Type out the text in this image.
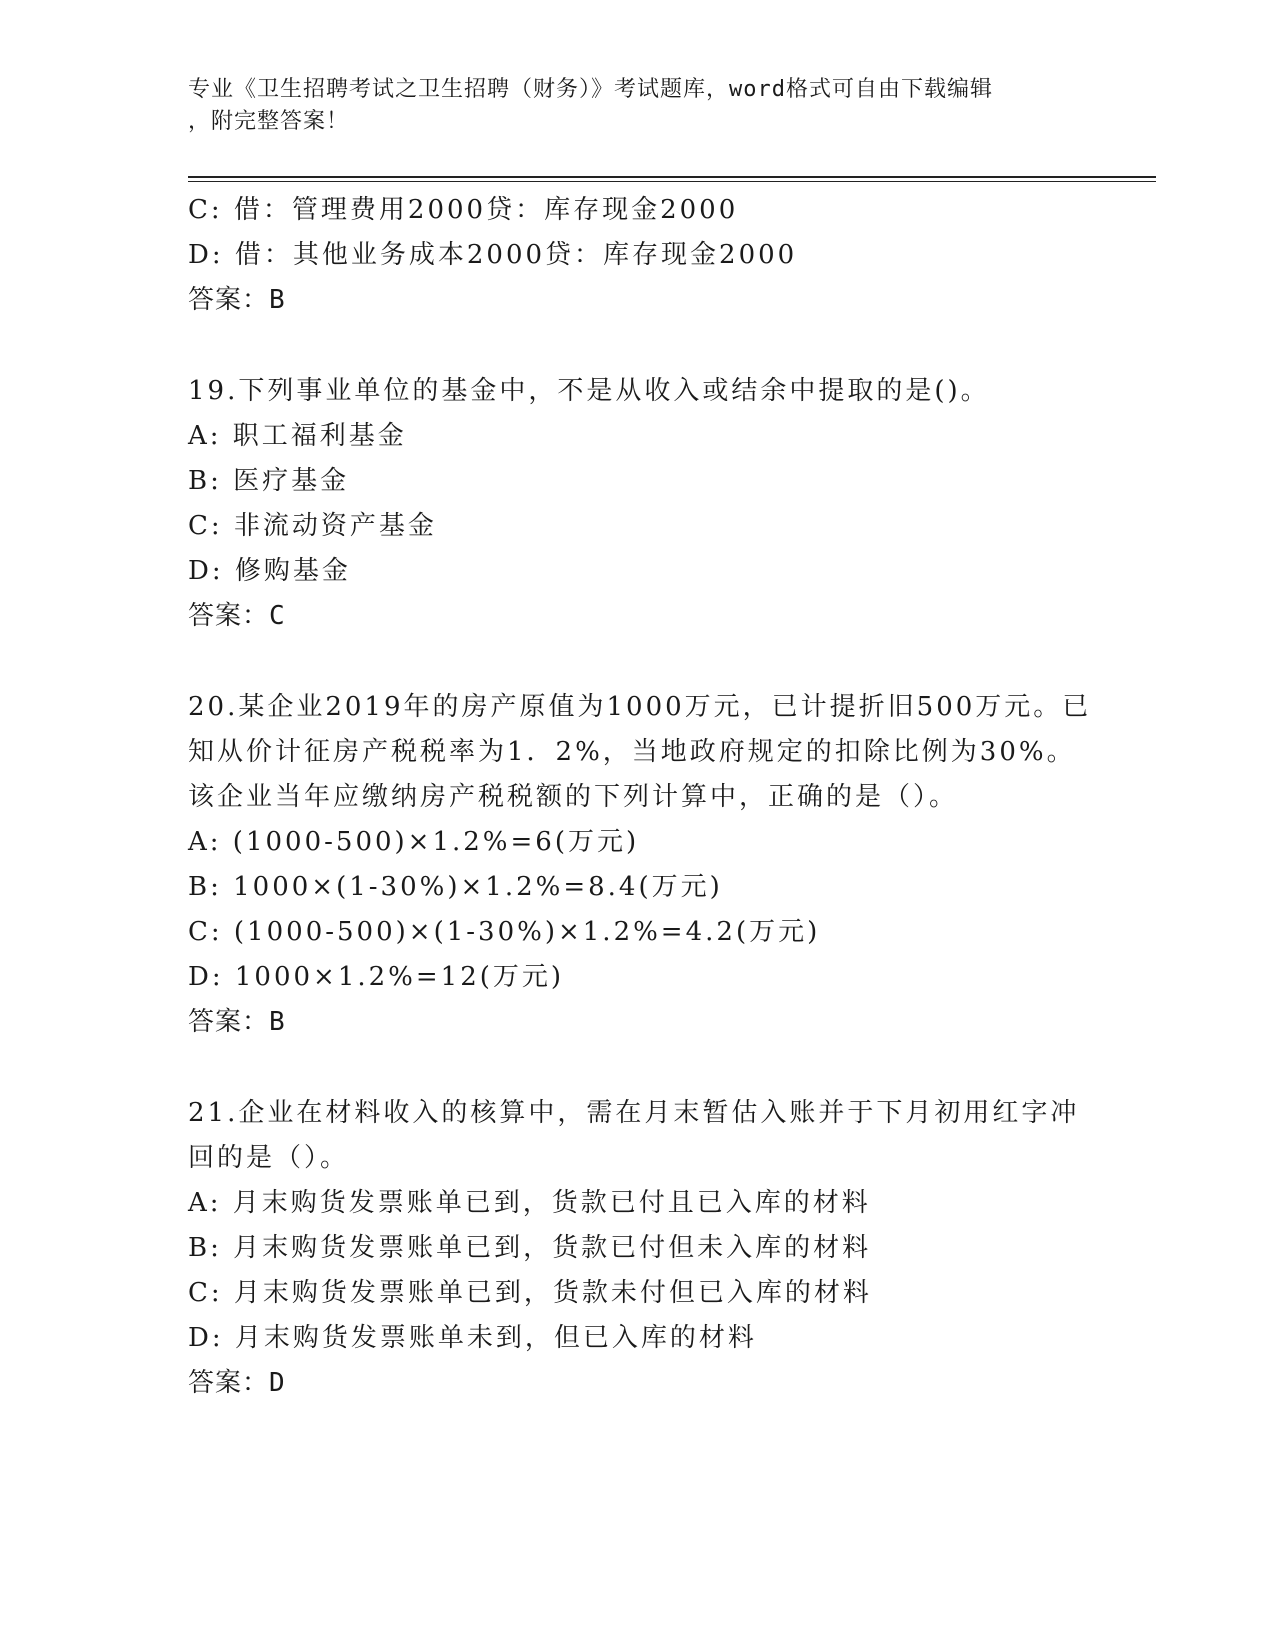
专业《卫生招聘考试之卫生招聘（财务）》考试题库，word格式可自由下载编辑
，附完整答案！
C: 借：管理费用2000贷：库存现金2000
D: 借：其他业务成本2000贷：库存现金2000
答案：B
19.下列事业单位的基金中，不是从收入或结余中提取的是()。
A: 职工福利基金
B: 医疗基金
C: 非流动资产基金
D: 修购基金
答案：C
20.某企业2019年的房产原值为1000万元，已计提折旧500万元。已
知从价计征房产税税率为1．2%，当地政府规定的扣除比例为30%。
该企业当年应缴纳房产税税额的下列计算中，正确的是（）。
A: (1000-500)×1.2%=6(万元)
B: 1000×(1-30%)×1.2%=8.4(万元)
C: (1000-500)×(1-30%)×1.2%=4.2(万元)
D: 1000×1.2%=12(万元)
答案：B
21.企业在材料收入的核算中，需在月末暂估入账并于下月初用红字冲
回的是（）。
A: 月末购货发票账单已到，货款已付且已入库的材料
B: 月末购货发票账单已到，货款已付但未入库的材料
C: 月末购货发票账单已到，货款未付但已入库的材料
D: 月末购货发票账单未到，但已入库的材料
答案：D
